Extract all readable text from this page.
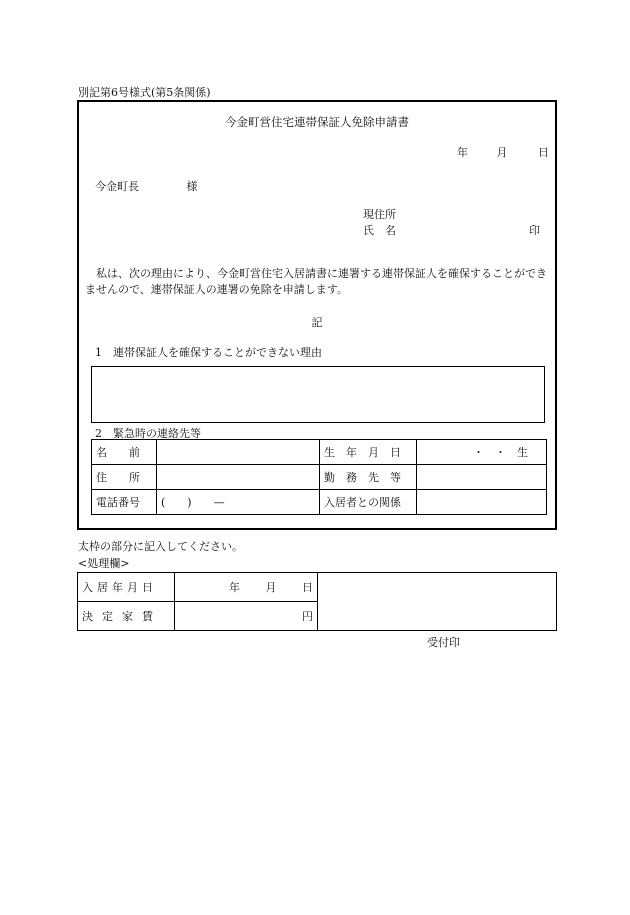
別記第6号様式(第5条関係)
今金町営住宅連帯保証人免除申請書
年	月	日
今金町長	様
現住所
氏　名	印
私は、次の理由により、今金町営住宅入居請書に連署する連帯保証人を確保することができませんので、連帯保証人の連署の免除を申請します。
記
1　連帯保証人を確保することができない理由
2　緊急時の連絡先等
名　　前		生　年　月　日	・　・　生

住　　所		勤　務　先　等	
電話番号	(　　)　　—	入居者との関係	
太枠の部分に記入してください。
<処理欄>
入居年月日	年 月 日	

決定家賃	円	
受付印
